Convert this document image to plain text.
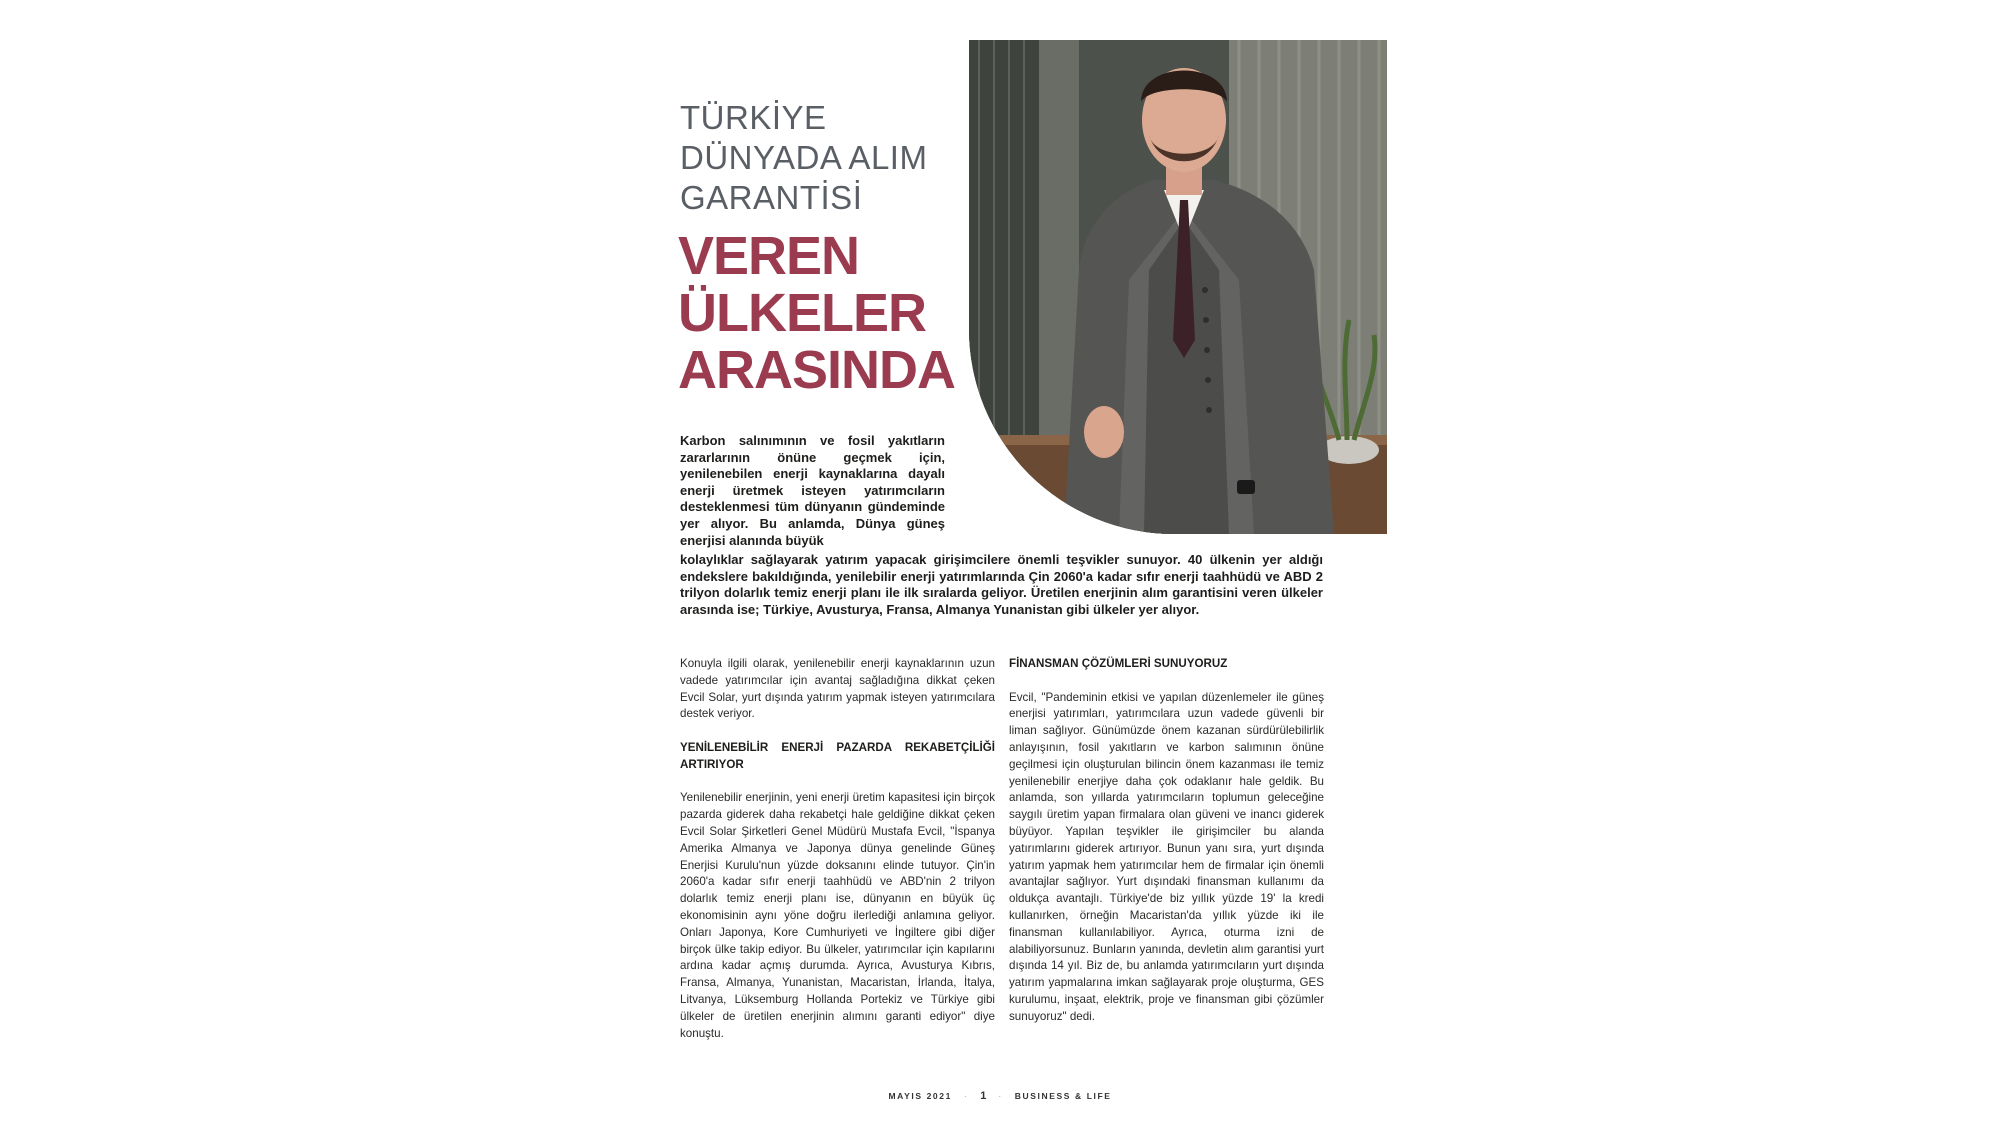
TÜRKİYE
DÜNYADA ALIM
GARANTİSİ
VEREN
ÜLKELER
ARASINDA
Karbon salınımının ve fosil yakıtların zararlarının önüne geçmek için, yenilenebilen enerji kaynaklarına dayalı enerji üretmek isteyen yatırımcıların desteklenmesi tüm dünyanın gündeminde yer alıyor. Bu anlamda, Dünya güneş enerjisi alanında büyük
kolaylıklar sağlayarak yatırım yapacak girişimcilere önemli teşvikler sunuyor. 40 ülkenin yer aldığı endekslere bakıldığında, yenilebilir enerji yatırımlarında Çin 2060'a kadar sıfır enerji taahhüdü ve ABD 2 trilyon dolarlık temiz enerji planı ile ilk sıralarda geliyor. Üretilen enerjinin alım garantisini veren ülkeler arasında ise; Türkiye, Avusturya, Fransa, Almanya Yunanistan gibi ülkeler yer alıyor.

Konuyla ilgili olarak, yenilenebilir enerji kaynaklarının uzun vadede yatırımcılar için avantaj sağladığına dikkat çeken Evcil Solar, yurt dışında yatırım yapmak isteyen yatırımcılara destek veriyor.

YENİLENEBİLİR ENERJİ PAZARDA REKABETÇİLİĞİ ARTIRIYOR

Yenilenebilir enerjinin, yeni enerji üretim kapasitesi için birçok pazarda giderek daha rekabetçi hale geldiğine dikkat çeken Evcil Solar Şirketleri Genel Müdürü Mustafa Evcil, "İspanya Amerika Almanya ve Japonya dünya genelinde Güneş Enerjisi Kurulu'nun yüzde doksanını elinde tutuyor. Çin'in 2060'a kadar sıfır enerji taahhüdü ve ABD'nin 2 trilyon dolarlık temiz enerji planı ise, dünyanın en büyük üç ekonomisinin aynı yöne doğru ilerlediği anlamına geliyor. Onları Japonya, Kore Cumhuriyeti ve İngiltere gibi diğer birçok ülke takip ediyor. Bu ülkeler, yatırımcılar için kapılarını ardına kadar açmış durumda. Ayrıca, Avusturya Kıbrıs, Fransa, Almanya, Yunanistan, Macaristan, İrlanda, İtalya, Litvanya, Lüksemburg Hollanda Portekiz ve Türkiye gibi ülkeler de üretilen enerjinin alımını garanti ediyor" diye konuştu.

FİNANSMAN ÇÖZÜMLERİ SUNUYORUZ

Evcil, "Pandeminin etkisi ve yapılan düzenlemeler ile güneş enerjisi yatırımları, yatırımcılara uzun vadede güvenli bir liman sağlıyor. Günümüzde önem kazanan sürdürülebilirlik anlayışının, fosil yakıtların ve karbon salımının önüne geçilmesi için oluşturulan bilincin önem kazanması ile temiz yenilenebilir enerjiye daha çok odaklanır hale geldik. Bu anlamda, son yıllarda yatırımcıların toplumun geleceğine saygılı üretim yapan firmalara olan güveni ve inancı giderek büyüyor. Yapılan teşvikler ile girişimciler bu alanda yatırımlarını giderek artırıyor. Bunun yanı sıra, yurt dışında yatırım yapmak hem yatırımcılar hem de firmalar için önemli avantajlar sağlıyor. Yurt dışındaki finansman kullanımı da oldukça avantajlı. Türkiye'de biz yıllık yüzde 19' la kredi kullanırken, örneğin Macaristan'da yıllık yüzde iki ile finansman kullanılabiliyor. Ayrıca, oturma izni de alabiliyorsunuz. Bunların yanında, devletin alım garantisi yurt dışında 14 yıl. Biz de, bu anlamda yatırımcıların yurt dışında yatırım yapmalarına imkan sağlayarak proje oluşturma, GES kurulumu, inşaat, elektrik, proje ve finansman gibi çözümler sunuyoruz" dedi.

MAYIS 2021 · 1 · BUSINESS & LIFE
